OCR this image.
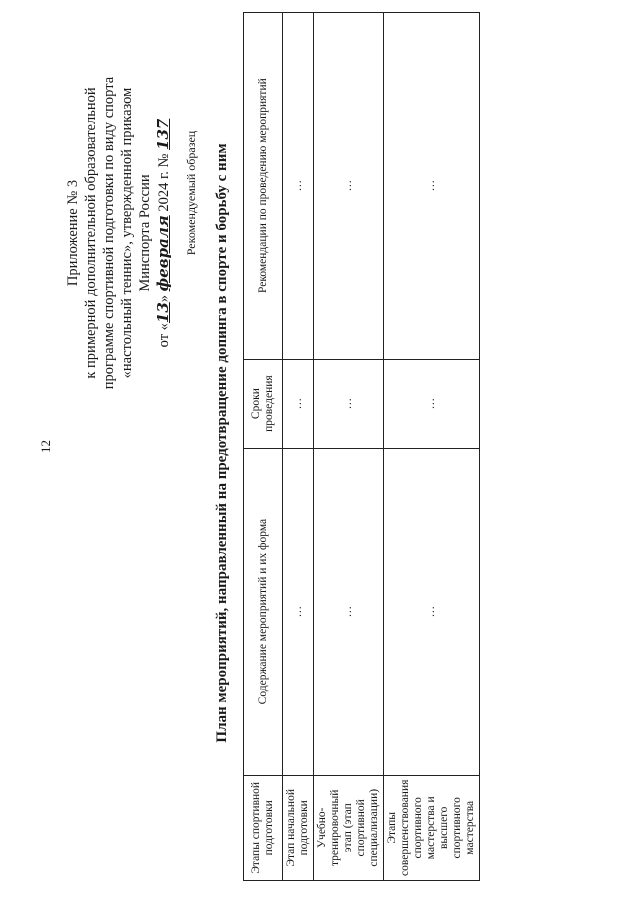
12
Приложение № 3 к примерной дополнительной образовательной программе спортивной подготовки по виду спорта «настольный теннис», утвержденной приказом Минспорта России
от «13» февраля 2024 г. № 137 Рекомендуемый образец План мероприятий, направленный на предотвращение допинга в спорте и борьбу с ним
Этапы спортивной подготовки	Содержание мероприятий и их форма	Сроки проведения	Рекомендации по проведению мероприятий
Этап начальной подготовки	…	…	…
Учебно-тренировочный этап (этап спортивной специализации)	…	…	…
Этапы совершенствования спортивного мастерства и высшего спортивного мастерства	…	…	…
